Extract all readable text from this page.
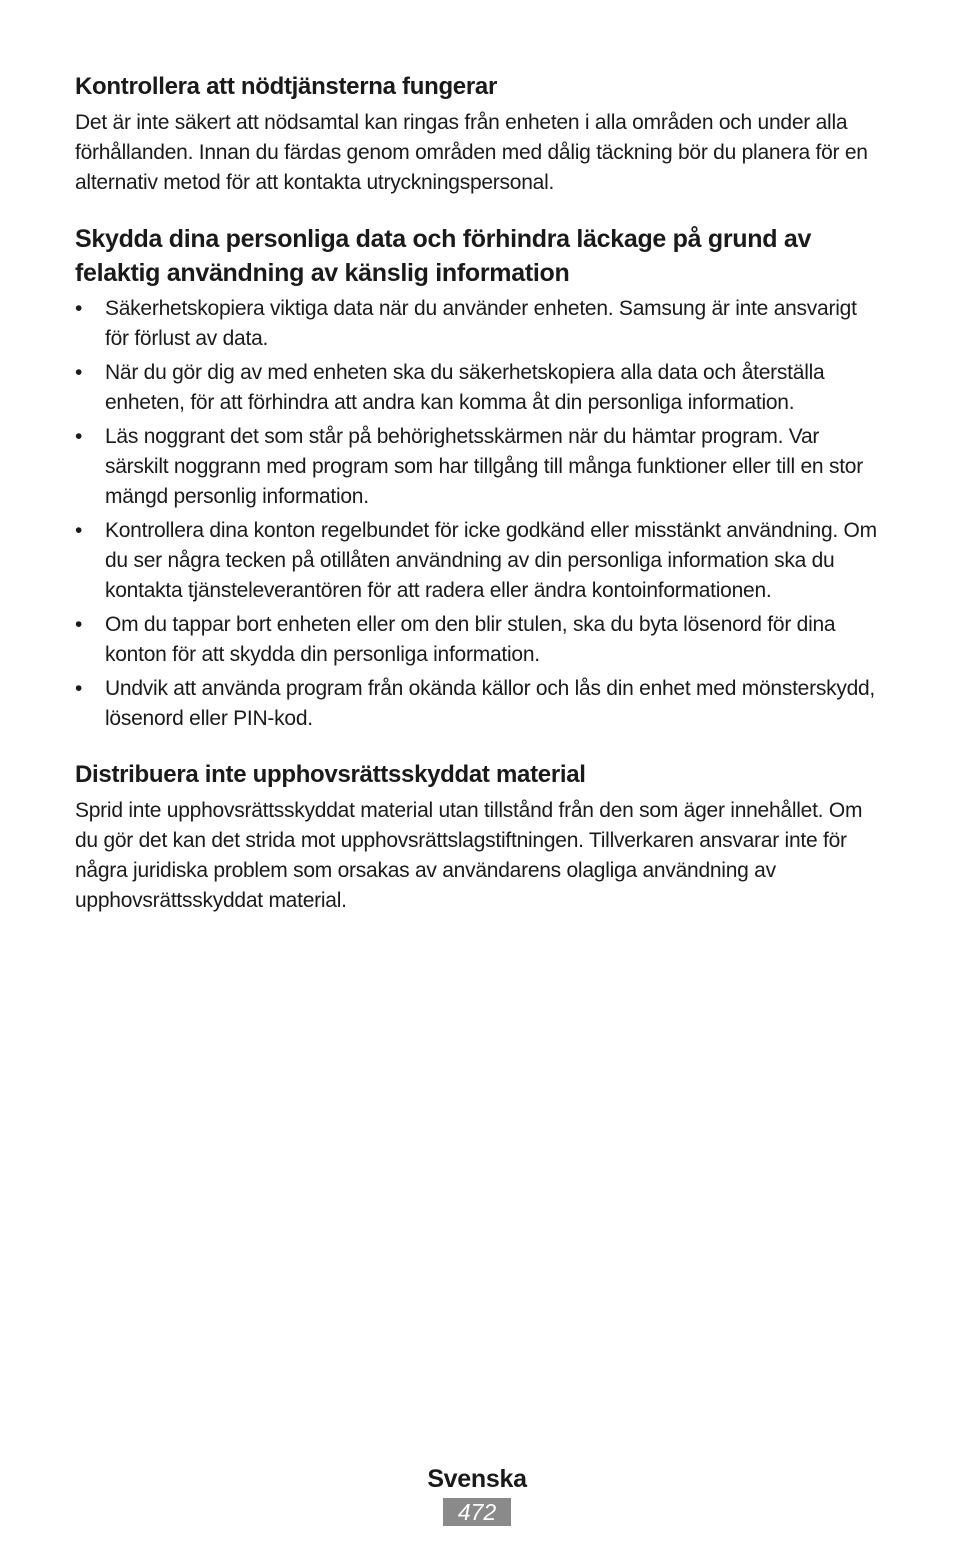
Kontrollera att nödtjänsterna fungerar

Det är inte säkert att nödsamtal kan ringas från enheten i alla områden och under alla förhållanden. Innan du färdas genom områden med dålig täckning bör du planera för en alternativ metod för att kontakta utryckningspersonal.

Skydda dina personliga data och förhindra läckage på grund av felaktig användning av känslig information
• Säkerhetskopiera viktiga data när du använder enheten. Samsung är inte ansvarigt för förlust av data.
• När du gör dig av med enheten ska du säkerhetskopiera alla data och återställa enheten, för att förhindra att andra kan komma åt din personliga information.
• Läs noggrant det som står på behörighetsskärmen när du hämtar program. Var särskilt noggrann med program som har tillgång till många funktioner eller till en stor mängd personlig information.
• Kontrollera dina konton regelbundet för icke godkänd eller misstänkt användning. Om du ser några tecken på otillåten användning av din personliga information ska du kontakta tjänsteleverantören för att radera eller ändra kontoinformationen.
• Om du tappar bort enheten eller om den blir stulen, ska du byta lösenord för dina konton för att skydda din personliga information.
• Undvik att använda program från okända källor och lås din enhet med mönsterskydd, lösenord eller PIN-kod.
Distribuera inte upphovsrättsskyddat material

Sprid inte upphovsrättsskyddat material utan tillstånd från den som äger innehållet. Om du gör det kan det strida mot upphovsrättslagstiftningen. Tillverkaren ansvarar inte för några juridiska problem som orsakas av användarens olagliga användning av upphovsrättsskyddat material.

Svenska
472
